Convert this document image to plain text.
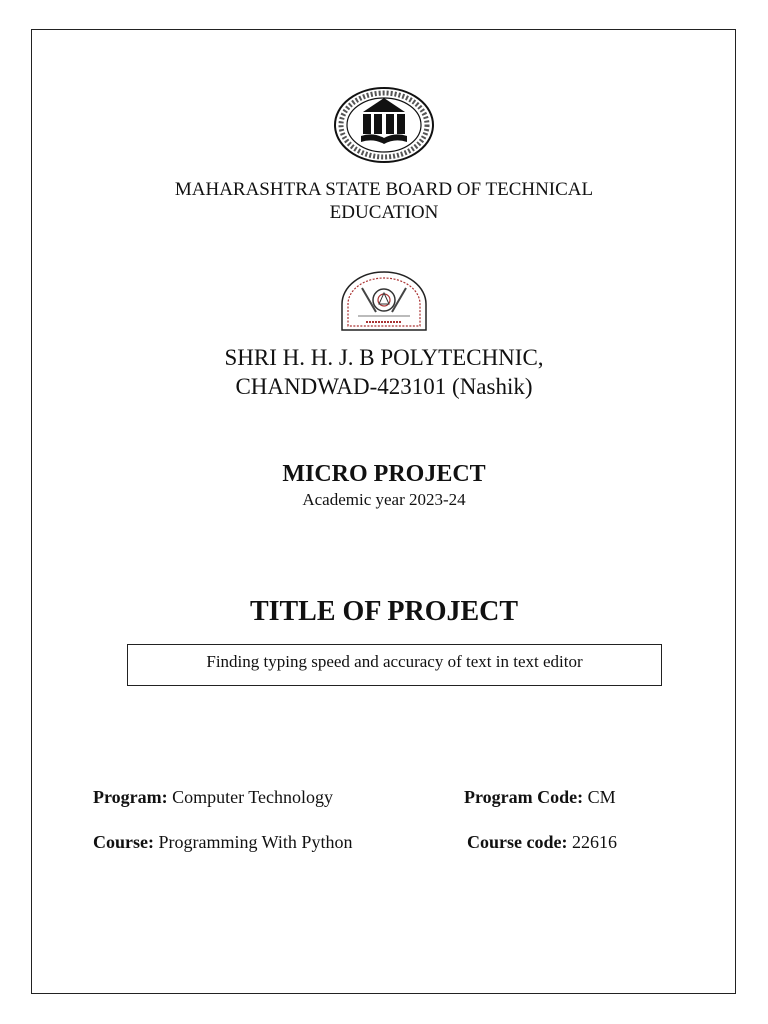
MAHARASHTRA STATE BOARD OF TECHNICAL
EDUCATION
SHRI H. H. J. B POLYTECHNIC,
CHANDWAD-423101 (Nashik)
MICRO PROJECT
Academic year 2023-24
TITLE OF PROJECT
Finding typing speed and accuracy of text in text editor
Program: Computer Technology	Program Code: CM
Course: Programming With Python	Course code: 22616
